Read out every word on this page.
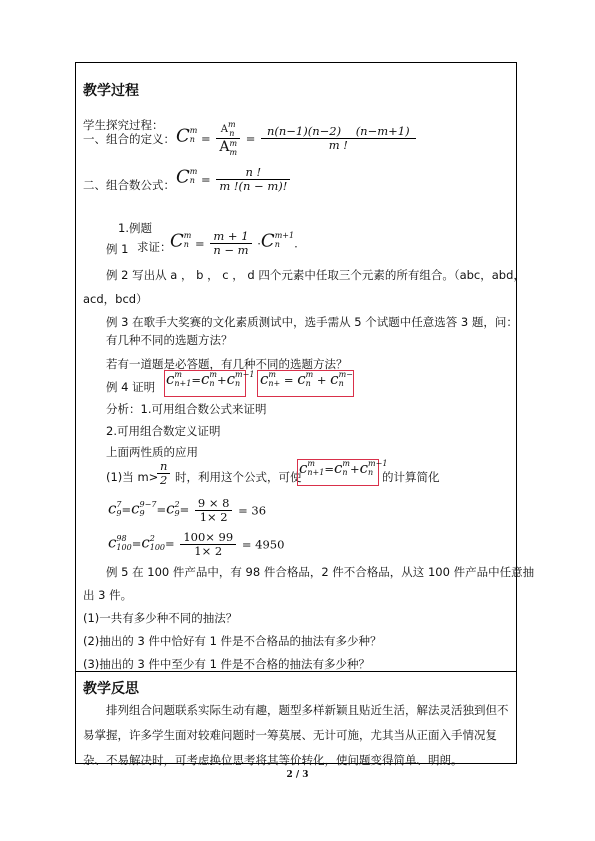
教学过程
学生探究过程：
一、组合的定义： C m
n = A m
n
A m
$m = \frac{n(n-1)(n-2) (n-m+1)}{m !}$
二、组合数公式： C m
$n = \frac{n !}{m !(n - m)!}$
1.例题
例 1 求证：
C m
$n = \frac{m + 1}{n - m} \cdot C$ m+1
n	.
例 2 写出从 a ， b ， c ， d 四个元素中任取三个元素的所有组合。（abc，abd，
acd，bcd）
例 3 在歌手大奖赛的文化素质测试中，选手需从 5 个试题中任意选答 3 题，问：
有几种不同的选题方法？
若有一道题是必答题，有几种不同的选题方法？
例 4 证明 c m
n+1 =c m
n +c m−1
n	c m
n+ = c m
n + c m−
n
分析：1.可用组合数公式来证明
2.可用组合数定义证明
上面两性质的应用
(1)当 m>
$\frac{n}{2}$ 时，利用这个公式，可使
c m
n+1 =c m
n +c m−1
n 的计算简化
c 7
9 =c 9−7
9	=c 2
$9 = \frac{9 \times 8}{1\times 2} = 36$
c 98
100 =c 2
$100 = \frac{100\times 99}{1\times 2} = 4950$
例 5 在 100 件产品中，有 98 件合格品，2 件不合格品，从这 100 件产品中任意抽
出 3 件。
(1)一共有多少种不同的抽法？
(2)抽出的 3 件中恰好有 1 件是不合格品的抽法有多少种？
(3)抽出的 3 件中至少有 1 件是不合格的抽法有多少种？
教学反思
排列组合问题联系实际生动有趣，题型多样新颖且贴近生活，解法灵活独到但不易掌握，许多学生面对较难问题时一筹莫展、无计可施，尤其当从正面入手情况复杂、不易解决时，可考虑换位思考将其等价转化，使问题变得简单、明朗。
2 / 3
